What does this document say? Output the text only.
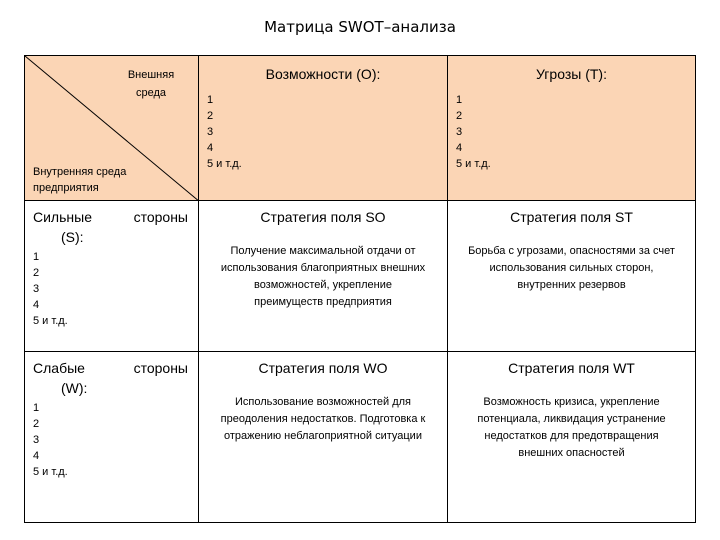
Матрица SWOT–анализа
Внешняя среда
Внутренняя среда предприятия
Возможности (О):
1
2
3
4
5 и т.д.
Угрозы (Т):
1
2
3
4
5 и т.д.
Сильные	стороны
(S):
1
2
3
4
5 и т.д.
Стратегия поля SO
Получение максимальной отдачи от использования благоприятных внешних возможностей, укрепление преимуществ предприятия
Стратегия поля ST
Борьба с угрозами, опасностями за счет использования сильных сторон, внутренних резервов
Слабые	стороны
(W):
1
2
3
4
5 и т.д.
Стратегия поля WO
Использование возможностей для преодоления недостатков. Подготовка к отражению неблагоприятной ситуации
Стратегия поля WT
Возможность кризиса, укрепление потенциала, ликвидация устранение недостатков для предотвращения внешних опасностей
